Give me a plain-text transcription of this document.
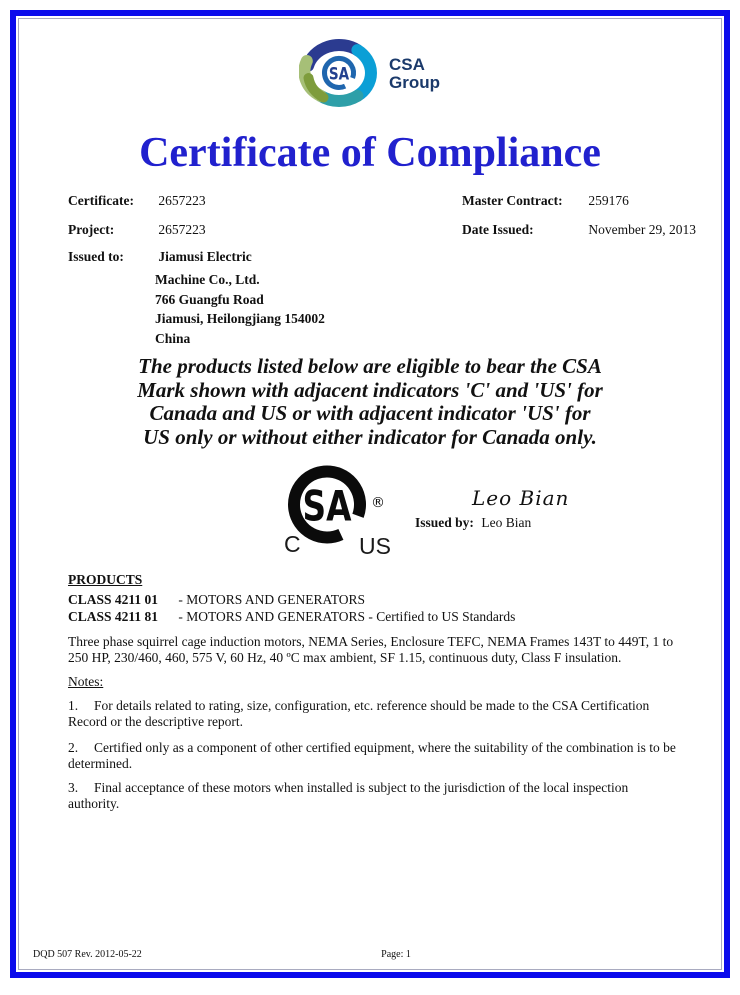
SA CSA
Group
Certificate of Compliance
Certificate: 2657223	Master Contract: 259176
Project:	2657223	Date Issued:	November 29, 2013
Issued to:	Jiamusi Electric
Machine Co., Ltd.
766 Guangfu Road
Jiamusi, Heilongjiang 154002
China
The products listed below are eligible to bear the CSA
Mark shown with adjacent indicators 'C' and 'US' for
Canada and US or with adjacent indicator 'US' for
US only or without either indicator for Canada only.
SA ®
C	US
Leo Bian
Issued by: Leo Bian
PRODUCTS
CLASS 4211 01 - MOTORS AND GENERATORS
CLASS 4211 81 - MOTORS AND GENERATORS - Certified to US Standards
Three phase squirrel cage induction motors, NEMA Series, Enclosure TEFC, NEMA Frames 143T to 449T, 1 to 250 HP, 230/460, 460, 575 V, 60 Hz, 40 ºC max ambient, SF 1.15, continuous duty, Class F insulation.
Notes:
1. For details related to rating, size, configuration, etc. reference should be made to the CSA Certification Record or the descriptive report.
2. Certified only as a component of other certified equipment, where the suitability of the combination is to be determined.
3. Final acceptance of these motors when installed is subject to the jurisdiction of the local inspection authority.
DQD 507 Rev. 2012-05-22	Page: 1
